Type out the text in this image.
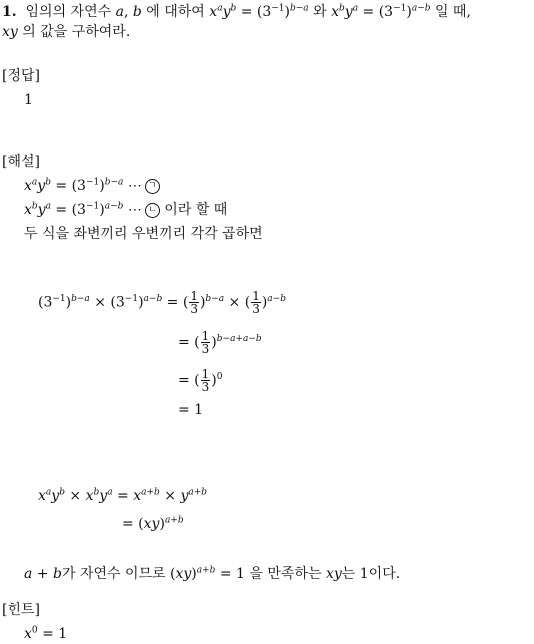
1. 임의의 자연수 a, b 에 대하여 $x^ay^b = (3^{-1})^{b-a}$ 와 $x^by^a = (3^{-1})^{a-b}$ 일 때,
xy 의 값을 구하여라.
[정답]
1
[해설]
$x^ay^b = (3^{-1})^{b-a}$ ⋯ ㄱ
$x^by^a = (3^{-1})^{a-b}$ ⋯ ㄴ 이라 할 때
두 식을 좌변끼리 우변끼리 각각 곱하면
$(3^{-1})^{b-a} \times (3^{-1})^{a-b}$ = ( $\frac{1}{3} )^{b-a}$ × ( $\frac{1}{3} )^{a-b}$
= ( $\frac{1}{3} )^{b-a+a-b}$
= ( $\frac{1}{3} )^0$
= 1
$x^ay^b \times x^by^a = x^{a+b} \times y^{a+b}$
= (xy)$^{a+b}$
a + b가 자연수 이므로 (xy)$^{a+b}$ = 1 을 만족하는 xy는 1이다.
[힌트]
$x^0 = 1$
